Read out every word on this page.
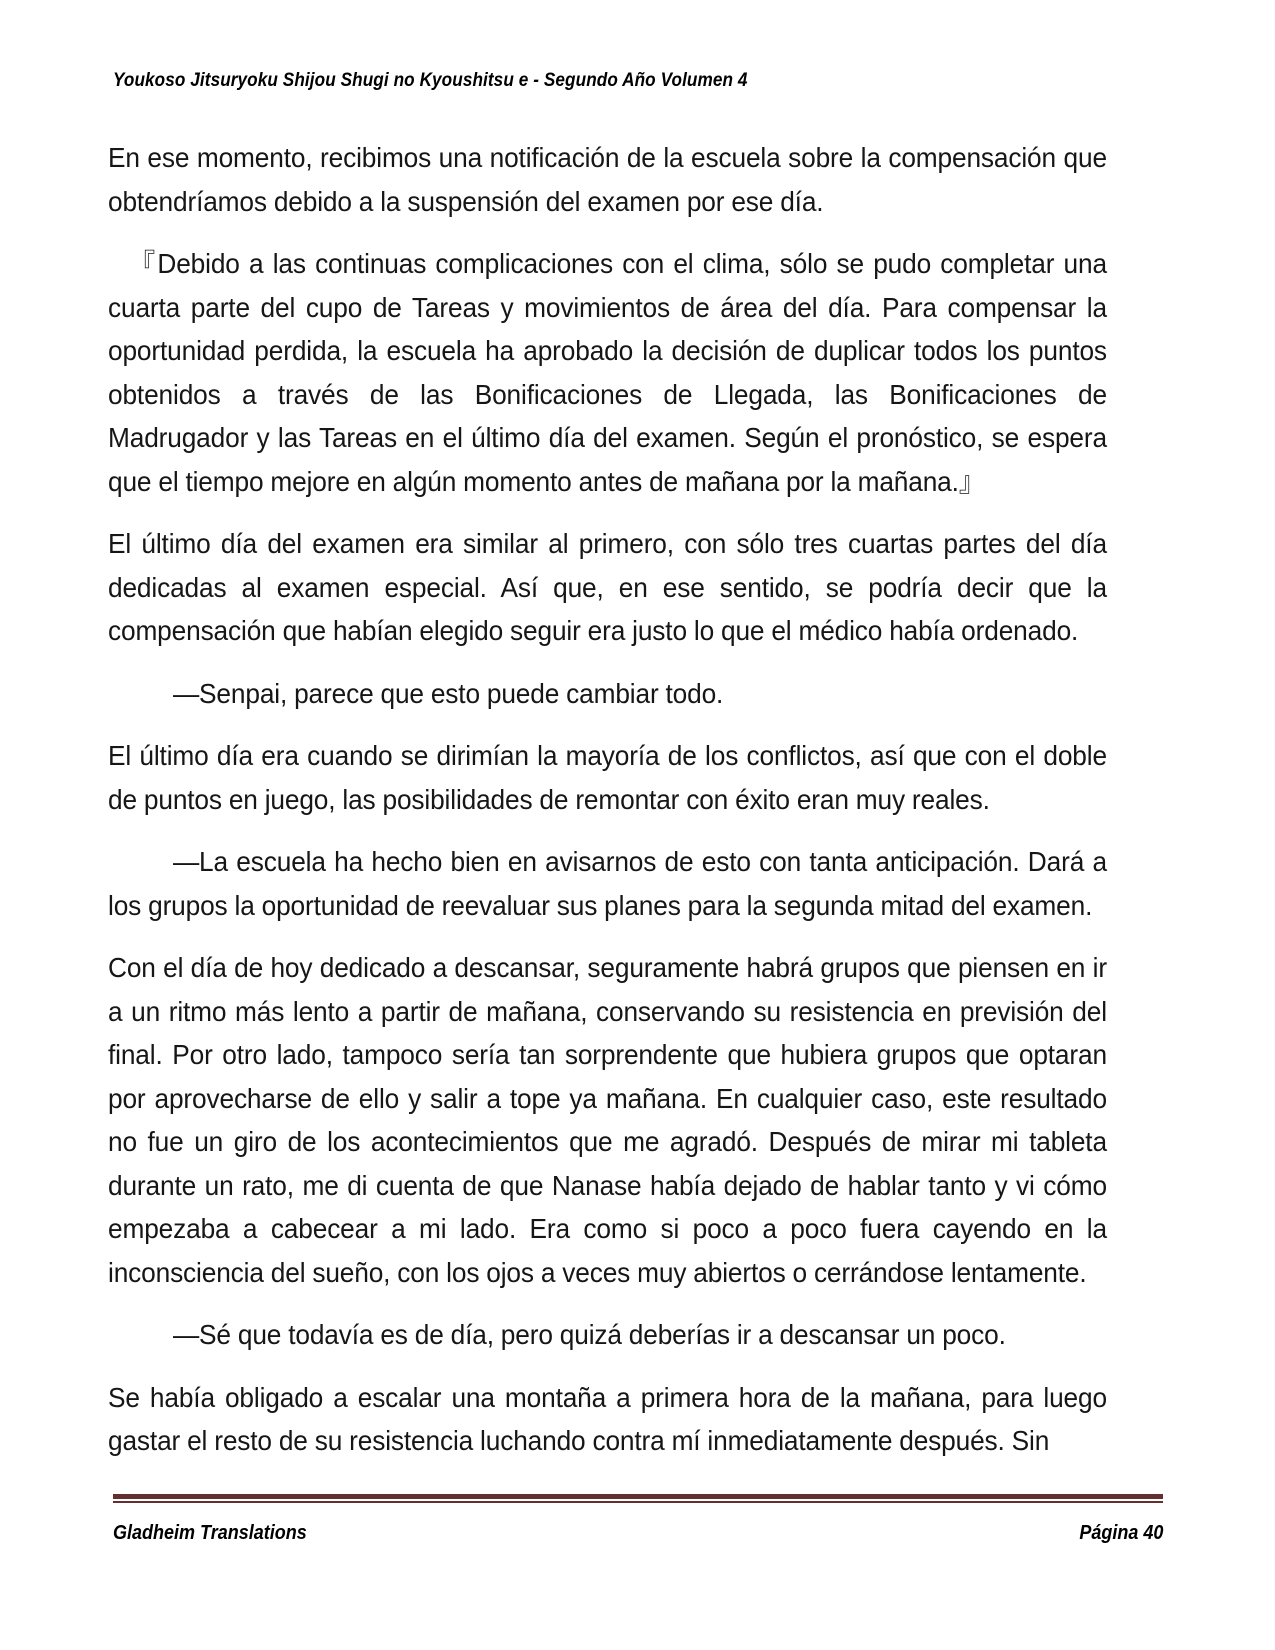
Youkoso Jitsuryoku Shijou Shugi no Kyoushitsu e - Segundo Año Volumen 4

En ese momento, recibimos una notificación de la escuela sobre la compensación que obtendríamos debido a la suspensión del examen por ese día.

『Debido a las continuas complicaciones con el clima, sólo se pudo completar una cuarta parte del cupo de Tareas y movimientos de área del día. Para compensar la oportunidad perdida, la escuela ha aprobado la decisión de duplicar todos los puntos obtenidos a través de las Bonificaciones de Llegada, las Bonificaciones de Madrugador y las Tareas en el último día del examen. Según el pronóstico, se espera que el tiempo mejore en algún momento antes de mañana por la mañana.』

El último día del examen era similar al primero, con sólo tres cuartas partes del día dedicadas al examen especial. Así que, en ese sentido, se podría decir que la compensación que habían elegido seguir era justo lo que el médico había ordenado.

—Senpai, parece que esto puede cambiar todo.

El último día era cuando se dirimían la mayoría de los conflictos, así que con el doble de puntos en juego, las posibilidades de remontar con éxito eran muy reales.

—La escuela ha hecho bien en avisarnos de esto con tanta anticipación. Dará a los grupos la oportunidad de reevaluar sus planes para la segunda mitad del examen.

Con el día de hoy dedicado a descansar, seguramente habrá grupos que piensen en ir a un ritmo más lento a partir de mañana, conservando su resistencia en previsión del final. Por otro lado, tampoco sería tan sorprendente que hubiera grupos que optaran por aprovecharse de ello y salir a tope ya mañana. En cualquier caso, este resultado no fue un giro de los acontecimientos que me agradó. Después de mirar mi tableta durante un rato, me di cuenta de que Nanase había dejado de hablar tanto y vi cómo empezaba a cabecear a mi lado. Era como si poco a poco fuera cayendo en la inconsciencia del sueño, con los ojos a veces muy abiertos o cerrándose lentamente.

—Sé que todavía es de día, pero quizá deberías ir a descansar un poco.

Se había obligado a escalar una montaña a primera hora de la mañana, para luego gastar el resto de su resistencia luchando contra mí inmediatamente después. Sin

Gladheim Translations	Página 40
